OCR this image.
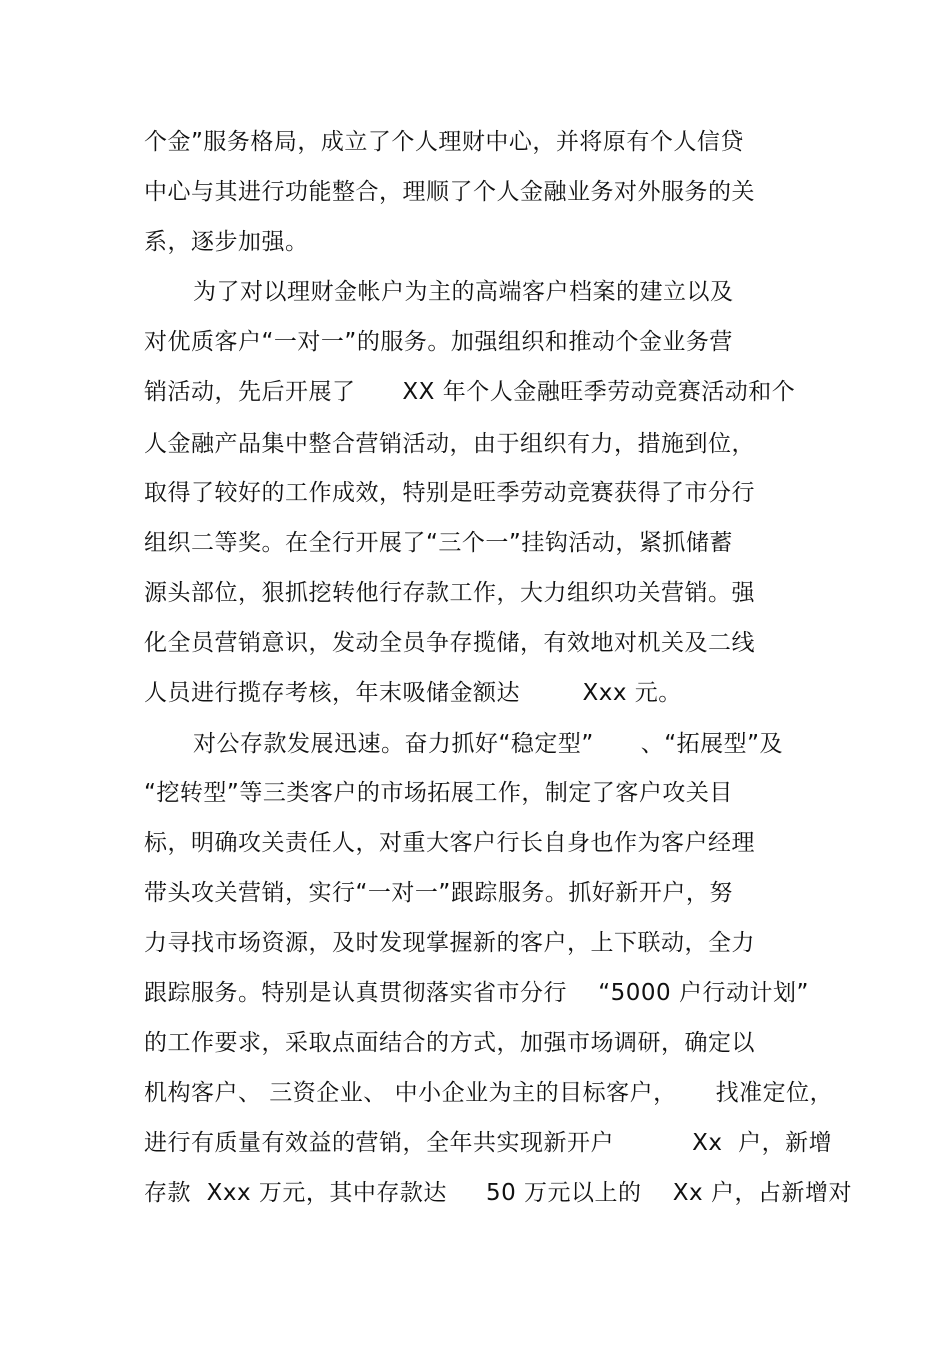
个金”服务格局，成立了个人理财中心，并将原有个人信贷
中心与其进行功能整合，理顺了个人金融业务对外服务的关
系，逐步加强。
为了对以理财金帐户为主的高端客户档案的建立以及
对优质客户“一对一”的服务。加强组织和推动个金业务营
销活动，先后开展了      XX 年个人金融旺季劳动竞赛活动和个
人金融产品集中整合营销活动，由于组织有力，措施到位，
取得了较好的工作成效，特别是旺季劳动竞赛获得了市分行
组织二等奖。在全行开展了“三个一”挂钩活动，紧抓储蓄
源头部位，狠抓挖转他行存款工作，大力组织功关营销。强
化全员营销意识，发动全员争存揽储，有效地对机关及二线
人员进行揽存考核，年末吸储金额达        Xxx 元。
对公存款发展迅速。奋力抓好“稳定型”      、“拓展型”及
“挖转型”等三类客户的市场拓展工作，制定了客户攻关目
标，明确攻关责任人，对重大客户行长自身也作为客户经理
带头攻关营销，实行“一对一”跟踪服务。抓好新开户，努
力寻找市场资源，及时发现掌握新的客户，上下联动，全力
跟踪服务。特别是认真贯彻落实省市分行    “5000 户行动计划”
的工作要求，采取点面结合的方式，加强市场调研，确定以
机构客户、 三资企业、 中小企业为主的目标客户，     找准定位，
进行有质量有效益的营销，全年共实现新开户          Xx  户，新增
存款  Xxx 万元，其中存款达     50 万元以上的    Xx 户，占新增对
